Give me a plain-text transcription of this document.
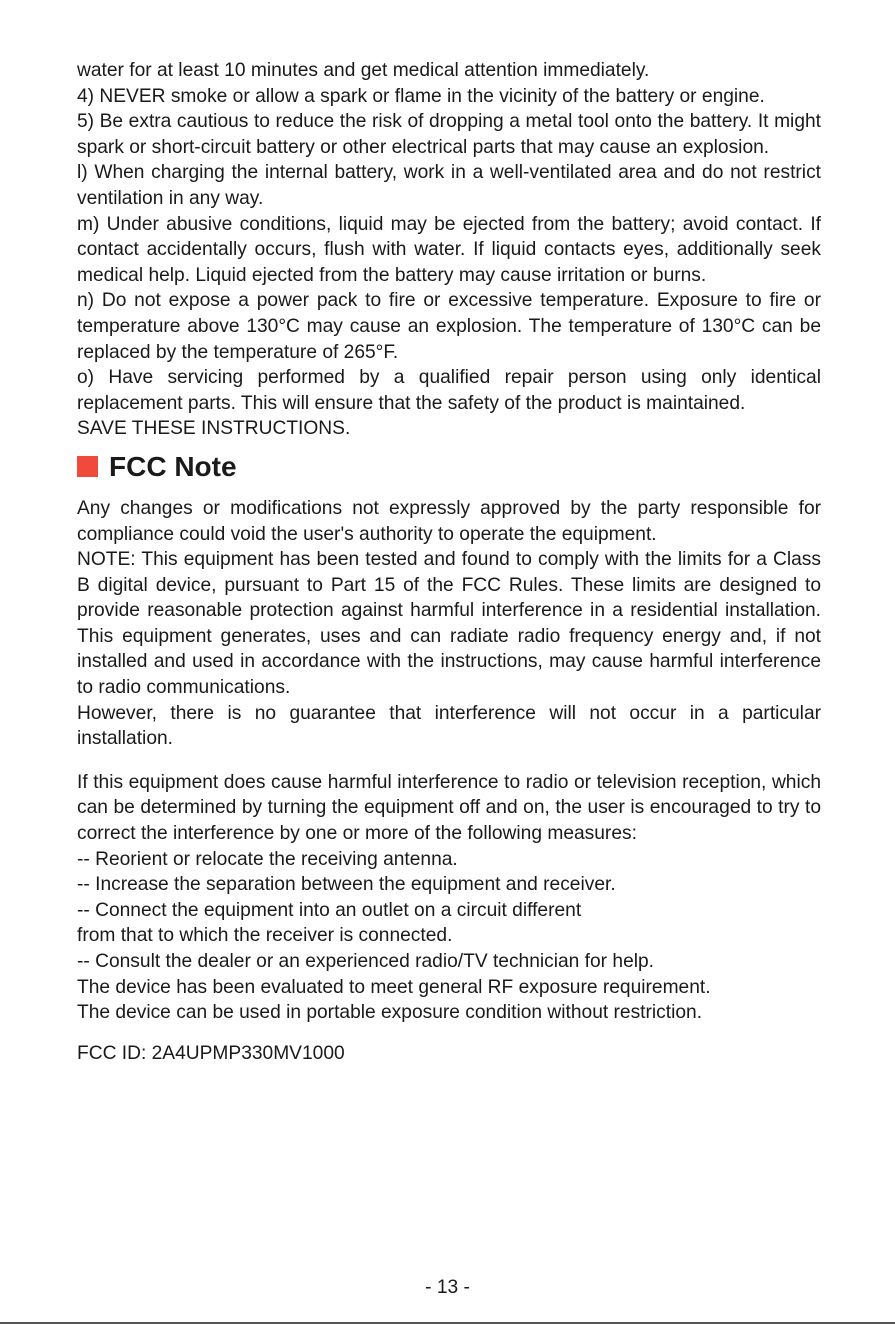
water for at least 10 minutes and get medical attention immediately.

4) NEVER smoke or allow a spark or flame in the vicinity of the battery or engine.

5) Be extra cautious to reduce the risk of dropping a metal tool onto the battery. It might spark or short-circuit battery or other electrical parts that may cause an explosion.

l) When charging the internal battery, work in a well-ventilated area and do not restrict ventilation in any way.

m) Under abusive conditions, liquid may be ejected from the battery; avoid contact. If contact accidentally occurs, flush with water. If liquid contacts eyes, additionally seek medical help. Liquid ejected from the battery may cause irritation or burns.

n) Do not expose a power pack to fire or excessive temperature. Exposure to fire or temperature above 130°C may cause an explosion. The temperature of 130°C can be replaced by the temperature of 265°F.

o) Have servicing performed by a qualified repair person using only identical replacement parts. This will ensure that the safety of the product is maintained.

SAVE THESE INSTRUCTIONS.

FCC Note

Any changes or modifications not expressly approved by the party responsible for compliance could void the user's authority to operate the equipment.

NOTE: This equipment has been tested and found to comply with the limits for a Class B digital device, pursuant to Part 15 of the FCC Rules. These limits are designed to provide reasonable protection against harmful interference in a residential installation. This equipment generates, uses and can radiate radio frequency energy and, if not installed and used in accordance with the instructions, may cause harmful interference to radio communications.

However, there is no guarantee that interference will not occur in a particular installation.

If this equipment does cause harmful interference to radio or television reception, which can be determined by turning the equipment off and on, the user is encouraged to try to correct the interference by one or more of the following measures:

-- Reorient or relocate the receiving antenna.

-- Increase the separation between the equipment and receiver.

-- Connect the equipment into an outlet on a circuit different

from that to which the receiver is connected.

-- Consult the dealer or an experienced radio/TV technician for help.

The device has been evaluated to meet general RF exposure requirement.

The device can be used in portable exposure condition without restriction.

FCC ID: 2A4UPMP330MV1000

- 13 -
